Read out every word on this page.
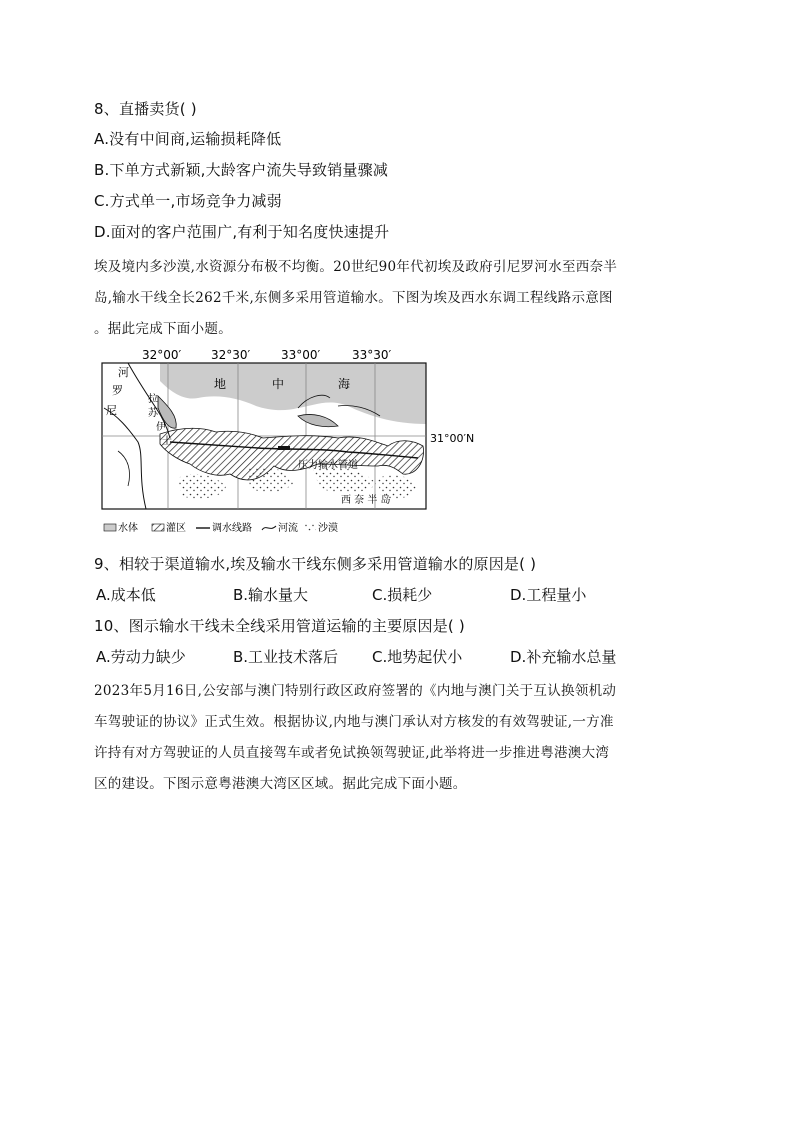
8、直播卖货( )
A.没有中间商,运输损耗降低
B.下单方式新颖,大龄客户流失导致销量骤减
C.方式单一,市场竞争力减弱
D.面对的客户范围广,有利于知名度快速提升
埃及境内多沙漠,水资源分布极不均衡。20世纪90年代初埃及政府引尼罗河水至西奈半
岛,输水干线全长262千米,东侧多采用管道输水。下图为埃及西水东调工程线路示意图
。据此完成下面小题。
32°00′ 32°30′	33°00′	33°30′
地	中	海
河
罗
尼
拉
苏
伊
士
压力输水管道
西 奈 半 岛
31°00′N
水体	灌区	调水线路	河流 沙漠
9、相较于渠道输水,埃及输水干线东侧多采用管道输水的原因是( )
A.成本低	B.输水量大	C.损耗少	D.工程量小
10、图示输水干线未全线采用管道运输的主要原因是( )
A.劳动力缺少	B.工业技术落后 C.地势起伏小	D.补充输水总量
2023年5月16日,公安部与澳门特别行政区政府签署的《内地与澳门关于互认换领机动
车驾驶证的协议》正式生效。根据协议,内地与澳门承认对方核发的有效驾驶证,一方准
许持有对方驾驶证的人员直接驾车或者免试换领驾驶证,此举将进一步推进粤港澳大湾
区的建设。下图示意粤港澳大湾区区域。据此完成下面小题。
